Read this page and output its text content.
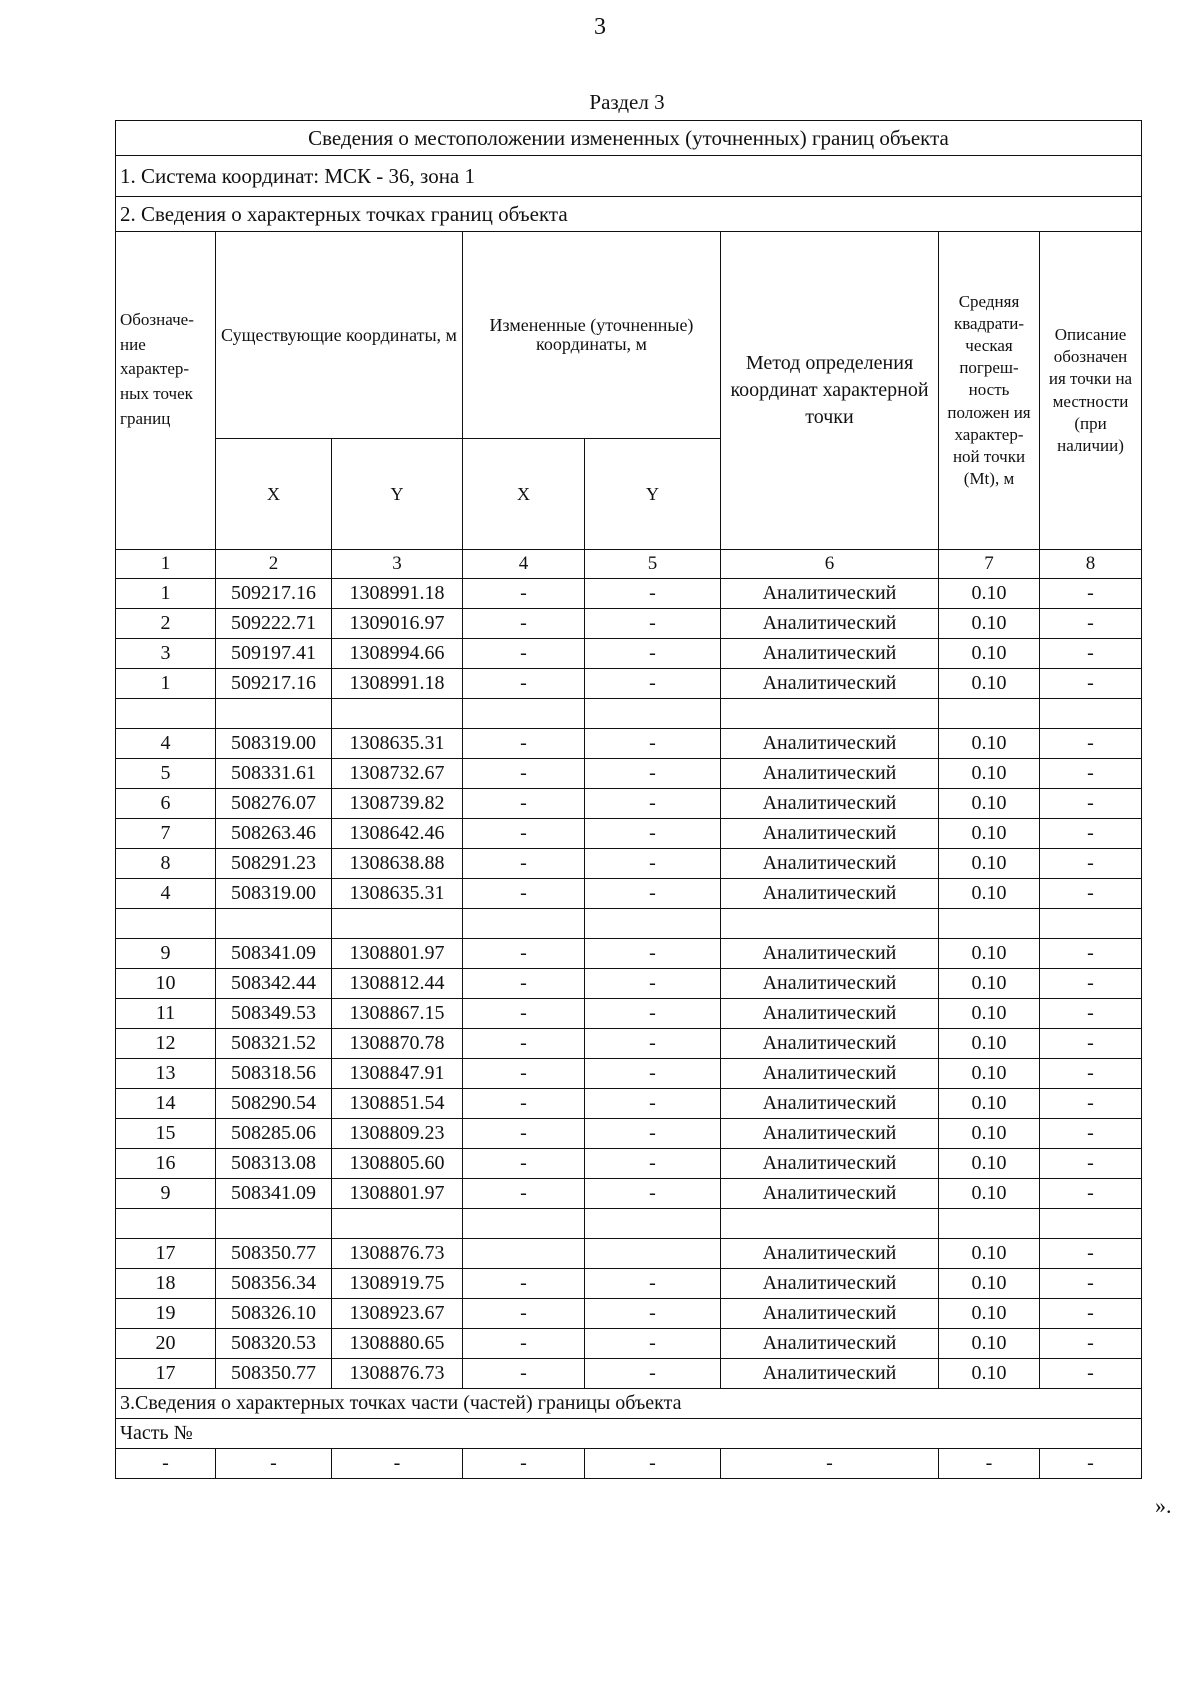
3
Раздел 3
Сведения о местоположении измененных (уточненных) границ объекта							
1. Система координат: МСК - 36, зона 1							
2. Сведения о характерных точках границ объекта							
Обозначе-ние характер-ных точек границ	Существующие координаты, м		Измененные (уточненные) координаты, м		Метод определения координат характерной точки	Средняя квадрати-ческая погреш-ность положен ия характер-ной точки (Mt), м	Описание обозначен ия точки на местности (при наличии)
	X	Y	X	Y			
1	2	3	4	5	6	7	8
1	509217.16	1308991.18	-	-	Аналитический	0.10	-
2	509222.71	1309016.97	-	-	Аналитический	0.10	-
3	509197.41	1308994.66	-	-	Аналитический	0.10	-
1	509217.16	1308991.18	-	-	Аналитический	0.10	-

4	508319.00	1308635.31	-	-	Аналитический	0.10	-
5	508331.61	1308732.67	-	-	Аналитический	0.10	-
6	508276.07	1308739.82	-	-	Аналитический	0.10	-
7	508263.46	1308642.46	-	-	Аналитический	0.10	-
8	508291.23	1308638.88	-	-	Аналитический	0.10	-
4	508319.00	1308635.31	-	-	Аналитический	0.10	-

9	508341.09	1308801.97	-	-	Аналитический	0.10	-
10	508342.44	1308812.44	-	-	Аналитический	0.10	-
11	508349.53	1308867.15	-	-	Аналитический	0.10	-
12	508321.52	1308870.78	-	-	Аналитический	0.10	-
13	508318.56	1308847.91	-	-	Аналитический	0.10	-
14	508290.54	1308851.54	-	-	Аналитический	0.10	-
15	508285.06	1308809.23	-	-	Аналитический	0.10	-
16	508313.08	1308805.60	-	-	Аналитический	0.10	-
9	508341.09	1308801.97	-	-	Аналитический	0.10	-

17	508350.77	1308876.73			Аналитический	0.10	-
18	508356.34	1308919.75	-	-	Аналитический	0.10	-
19	508326.10	1308923.67	-	-	Аналитический	0.10	-
20	508320.53	1308880.65	-	-	Аналитический	0.10	-
17	508350.77	1308876.73	-	-	Аналитический	0.10	-
3.Сведения о характерных точках части (частей) границы объекта							
Часть №							
-	-	-	-	-	-	-	-
».
